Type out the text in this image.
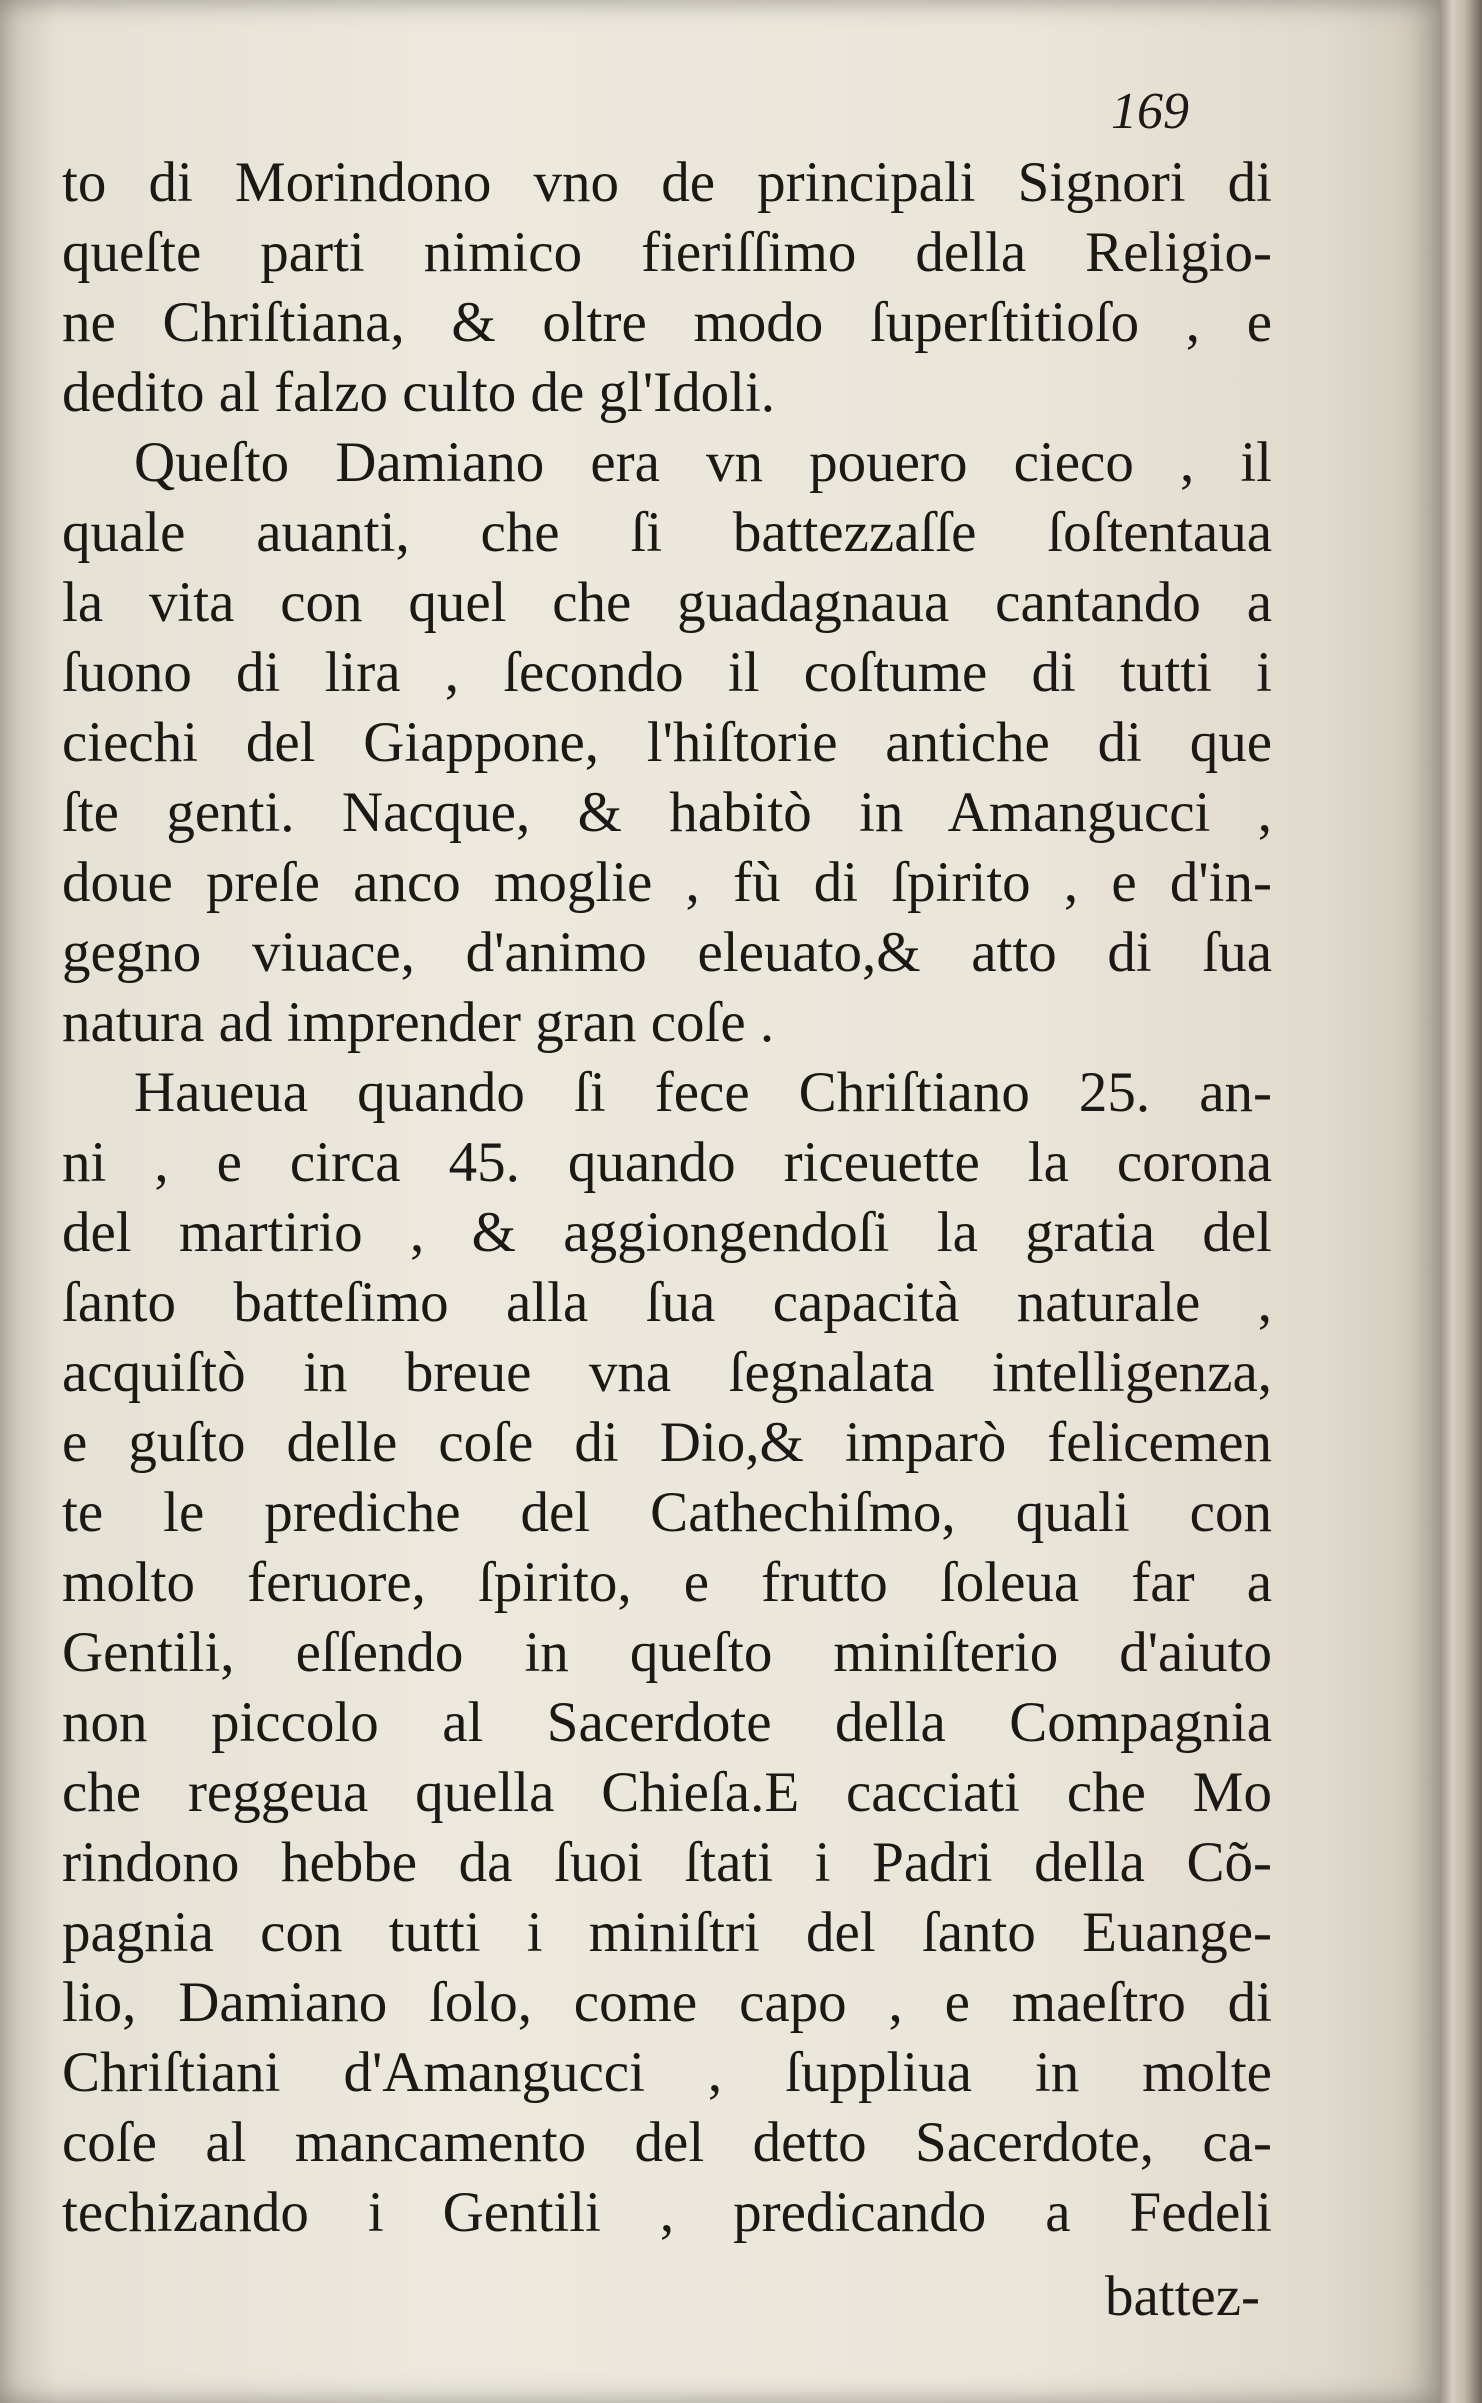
169
to di Morindono vno de principali Signori di
queſte parti nimico fieriſſimo della Religio-
ne Chriſtiana, & oltre modo ſuperſtitioſo , e
dedito al falzo culto de gl'Idoli.
Queſto Damiano era vn pouero cieco , il
quale auanti, che ſi battezzaſſe ſoſtentaua
la vita con quel che guadagnaua cantando a
ſuono di lira , ſecondo il coſtume di tutti i
ciechi del Giappone, l'hiſtorie antiche di que
ſte genti. Nacque, & habitò in Amangucci ,
doue preſe anco moglie , fù di ſpirito , e d'in-
gegno viuace, d'animo eleuato,& atto di ſua
natura ad imprender gran coſe .
Haueua quando ſi fece Chriſtiano 25. an-
ni , e circa 45. quando riceuette la corona
del martirio , & aggiongendoſi la gratia del
ſanto batteſimo alla ſua capacità naturale ,
acquiſtò in breue vna ſegnalata intelligenza,
e guſto delle coſe di Dio,& imparò felicemen
te le prediche del Cathechiſmo, quali con
molto feruore, ſpirito, e frutto ſoleua far a
Gentili, eſſendo in queſto miniſterio d'aiuto
non piccolo al Sacerdote della Compagnia
che reggeua quella Chieſa.E cacciati che Mo
rindono hebbe da ſuoi ſtati i Padri della Cõ-
pagnia con tutti i miniſtri del ſanto Euange-
lio, Damiano ſolo, come capo , e maeſtro di
Chriſtiani d'Amangucci , ſuppliua in molte
coſe al mancamento del detto Sacerdote, ca-
techizando i Gentili , predicando a Fedeli
battez-
